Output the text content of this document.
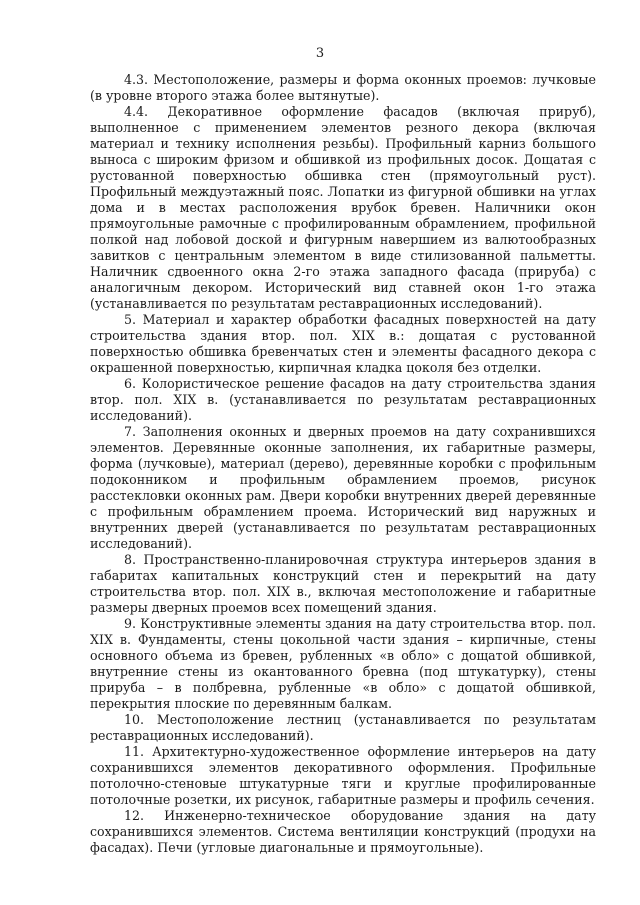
3

4.3. Местоположение, размеры и форма оконных проемов: лучковые (в уровне второго этажа более вытянутые).

4.4. Декоративное оформление фасадов (включая прируб), выполненное с применением элементов резного декора (включая материал и технику исполнения резьбы). Профильный карниз большого выноса с широким фризом и обшивкой из профильных досок. Дощатая с рустованной поверхностью обшивка стен (прямоугольный руст). Профильный междуэтажный пояс. Лопатки из фигурной обшивки на углах дома и в местах расположения врубок бревен. Наличники окон прямоугольные рамочные с профилированным обрамлением, профильной полкой над лобовой доской и фигурным навершием из валютообразных завитков с центральным элементом в виде стилизованной пальметты. Наличник сдвоенного окна 2-го этажа западного фасада (прируба) с аналогичным декором. Исторический вид ставней окон 1-го этажа (устанавливается по результатам реставрационных исследований).

5. Материал и характер обработки фасадных поверхностей на дату строительства здания втор. пол. XIX в.: дощатая с рустованной поверхностью обшивка бревенчатых стен и элементы фасадного декора с окрашенной поверхностью, кирпичная кладка цоколя без отделки.

6. Колористическое решение фасадов на дату строительства здания втор. пол. XIX в. (устанавливается по результатам реставрационных исследований).

7. Заполнения оконных и дверных проемов на дату сохранившихся элементов. Деревянные оконные заполнения, их габаритные размеры, форма (лучковые), материал (дерево), деревянные коробки с профильным подоконником и профильным обрамлением проемов, рисунок расстекловки оконных рам. Двери коробки внутренних дверей деревянные с профильным обрамлением проема. Исторический вид наружных и внутренних дверей (устанавливается по результатам реставрационных исследований).

8. Пространственно-планировочная структура интерьеров здания в габаритах капитальных конструкций стен и перекрытий на дату строительства втор. пол. XIX в., включая местоположение и габаритные размеры дверных проемов всех помещений здания.

9. Конструктивные элементы здания на дату строительства втор. пол. XIX в. Фундаменты, стены цокольной части здания – кирпичные, стены основного объема из бревен, рубленных «в обло» с дощатой обшивкой, внутренние стены из окантованного бревна (под штукатурку), стены прируба – в полбревна, рубленные «в обло» с дощатой обшивкой, перекрытия плоские по деревянным балкам.

10. Местоположение лестниц (устанавливается по результатам реставрационных исследований).

11. Архитектурно-художественное оформление интерьеров на дату сохранившихся элементов декоративного оформления. Профильные потолочно-стеновые штукатурные тяги и круглые профилированные потолочные розетки, их рисунок, габаритные размеры и профиль сечения.

12. Инженерно-техническое оборудование здания на дату сохранившихся элементов. Система вентиляции конструкций (продухи на фасадах). Печи (угловые диагональные и прямоугольные).
